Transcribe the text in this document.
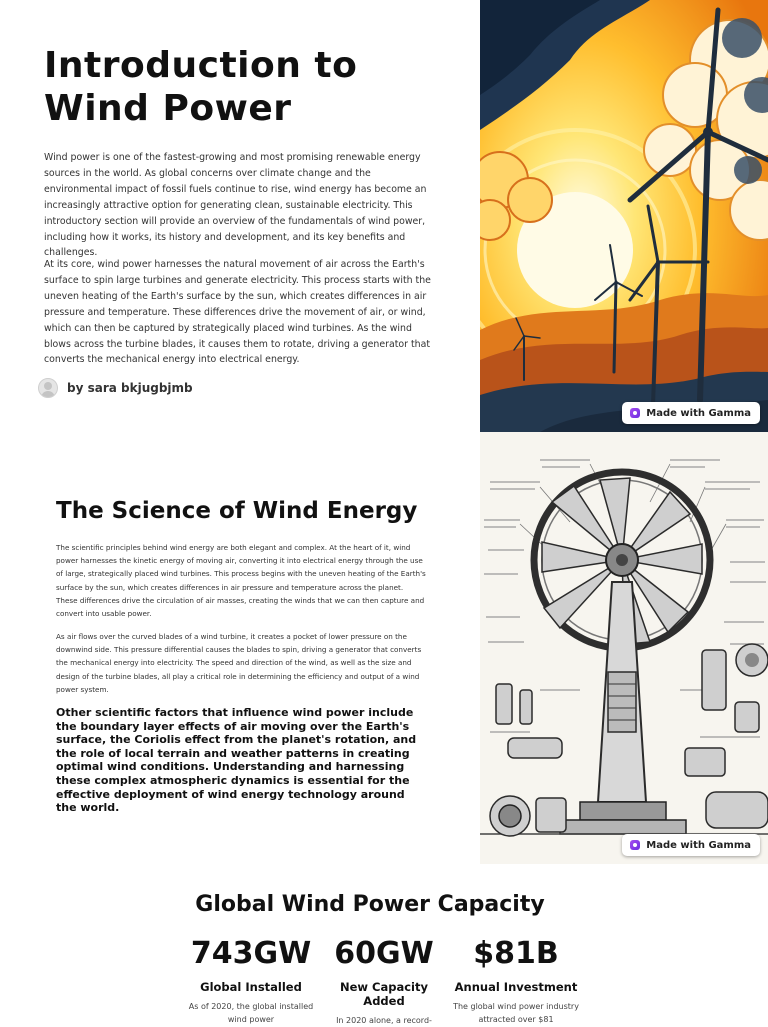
Introduction to
Wind Power

Wind power is one of the fastest-growing and most promising renewable energy sources in the world. As global concerns over climate change and the environmental impact of fossil fuels continue to rise, wind energy has become an increasingly attractive option for generating clean, sustainable electricity. This introductory section will provide an overview of the fundamentals of wind power, including how it works, its history and development, and its key benefits and challenges.

At its core, wind power harnesses the natural movement of air across the Earth's surface to spin large turbines and generate electricity. This process starts with the uneven heating of the Earth's surface by the sun, which creates differences in air pressure and temperature. These differences drive the movement of air, or wind, which can then be captured by strategically placed wind turbines. As the wind blows across the turbine blades, it causes them to rotate, driving a generator that converts the mechanical energy into electrical energy.

by sara bkjugbjmb
Made with Gamma
The Science of Wind Energy

The scientific principles behind wind energy are both elegant and complex. At the heart of it, wind power harnesses the kinetic energy of moving air, converting it into electrical energy through the use of large, strategically placed wind turbines. This process begins with the uneven heating of the Earth's surface by the sun, which creates differences in air pressure and temperature across the planet. These differences drive the circulation of air masses, creating the winds that we can then capture and convert into usable power.

As air flows over the curved blades of a wind turbine, it creates a pocket of lower pressure on the downwind side. This pressure differential causes the blades to spin, driving a generator that converts the mechanical energy into electricity. The speed and direction of the wind, as well as the size and design of the turbine blades, all play a critical role in determining the efficiency and output of a wind power system.

Other scientific factors that influence wind power include the boundary layer effects of air moving over the Earth's surface, the Coriolis effect from the planet's rotation, and the role of local terrain and weather patterns in creating optimal wind conditions. Understanding and harnessing these complex atmospheric dynamics is essential for the effective deployment of wind energy technology around the world.

Made with Gamma
Global Wind Power Capacity
743GW
Global Installed
As of 2020, the global installed wind power
60GW
New Capacity Added
In 2020 alone, a record-
$81B
Annual Investment
The global wind power industry attracted over $81
